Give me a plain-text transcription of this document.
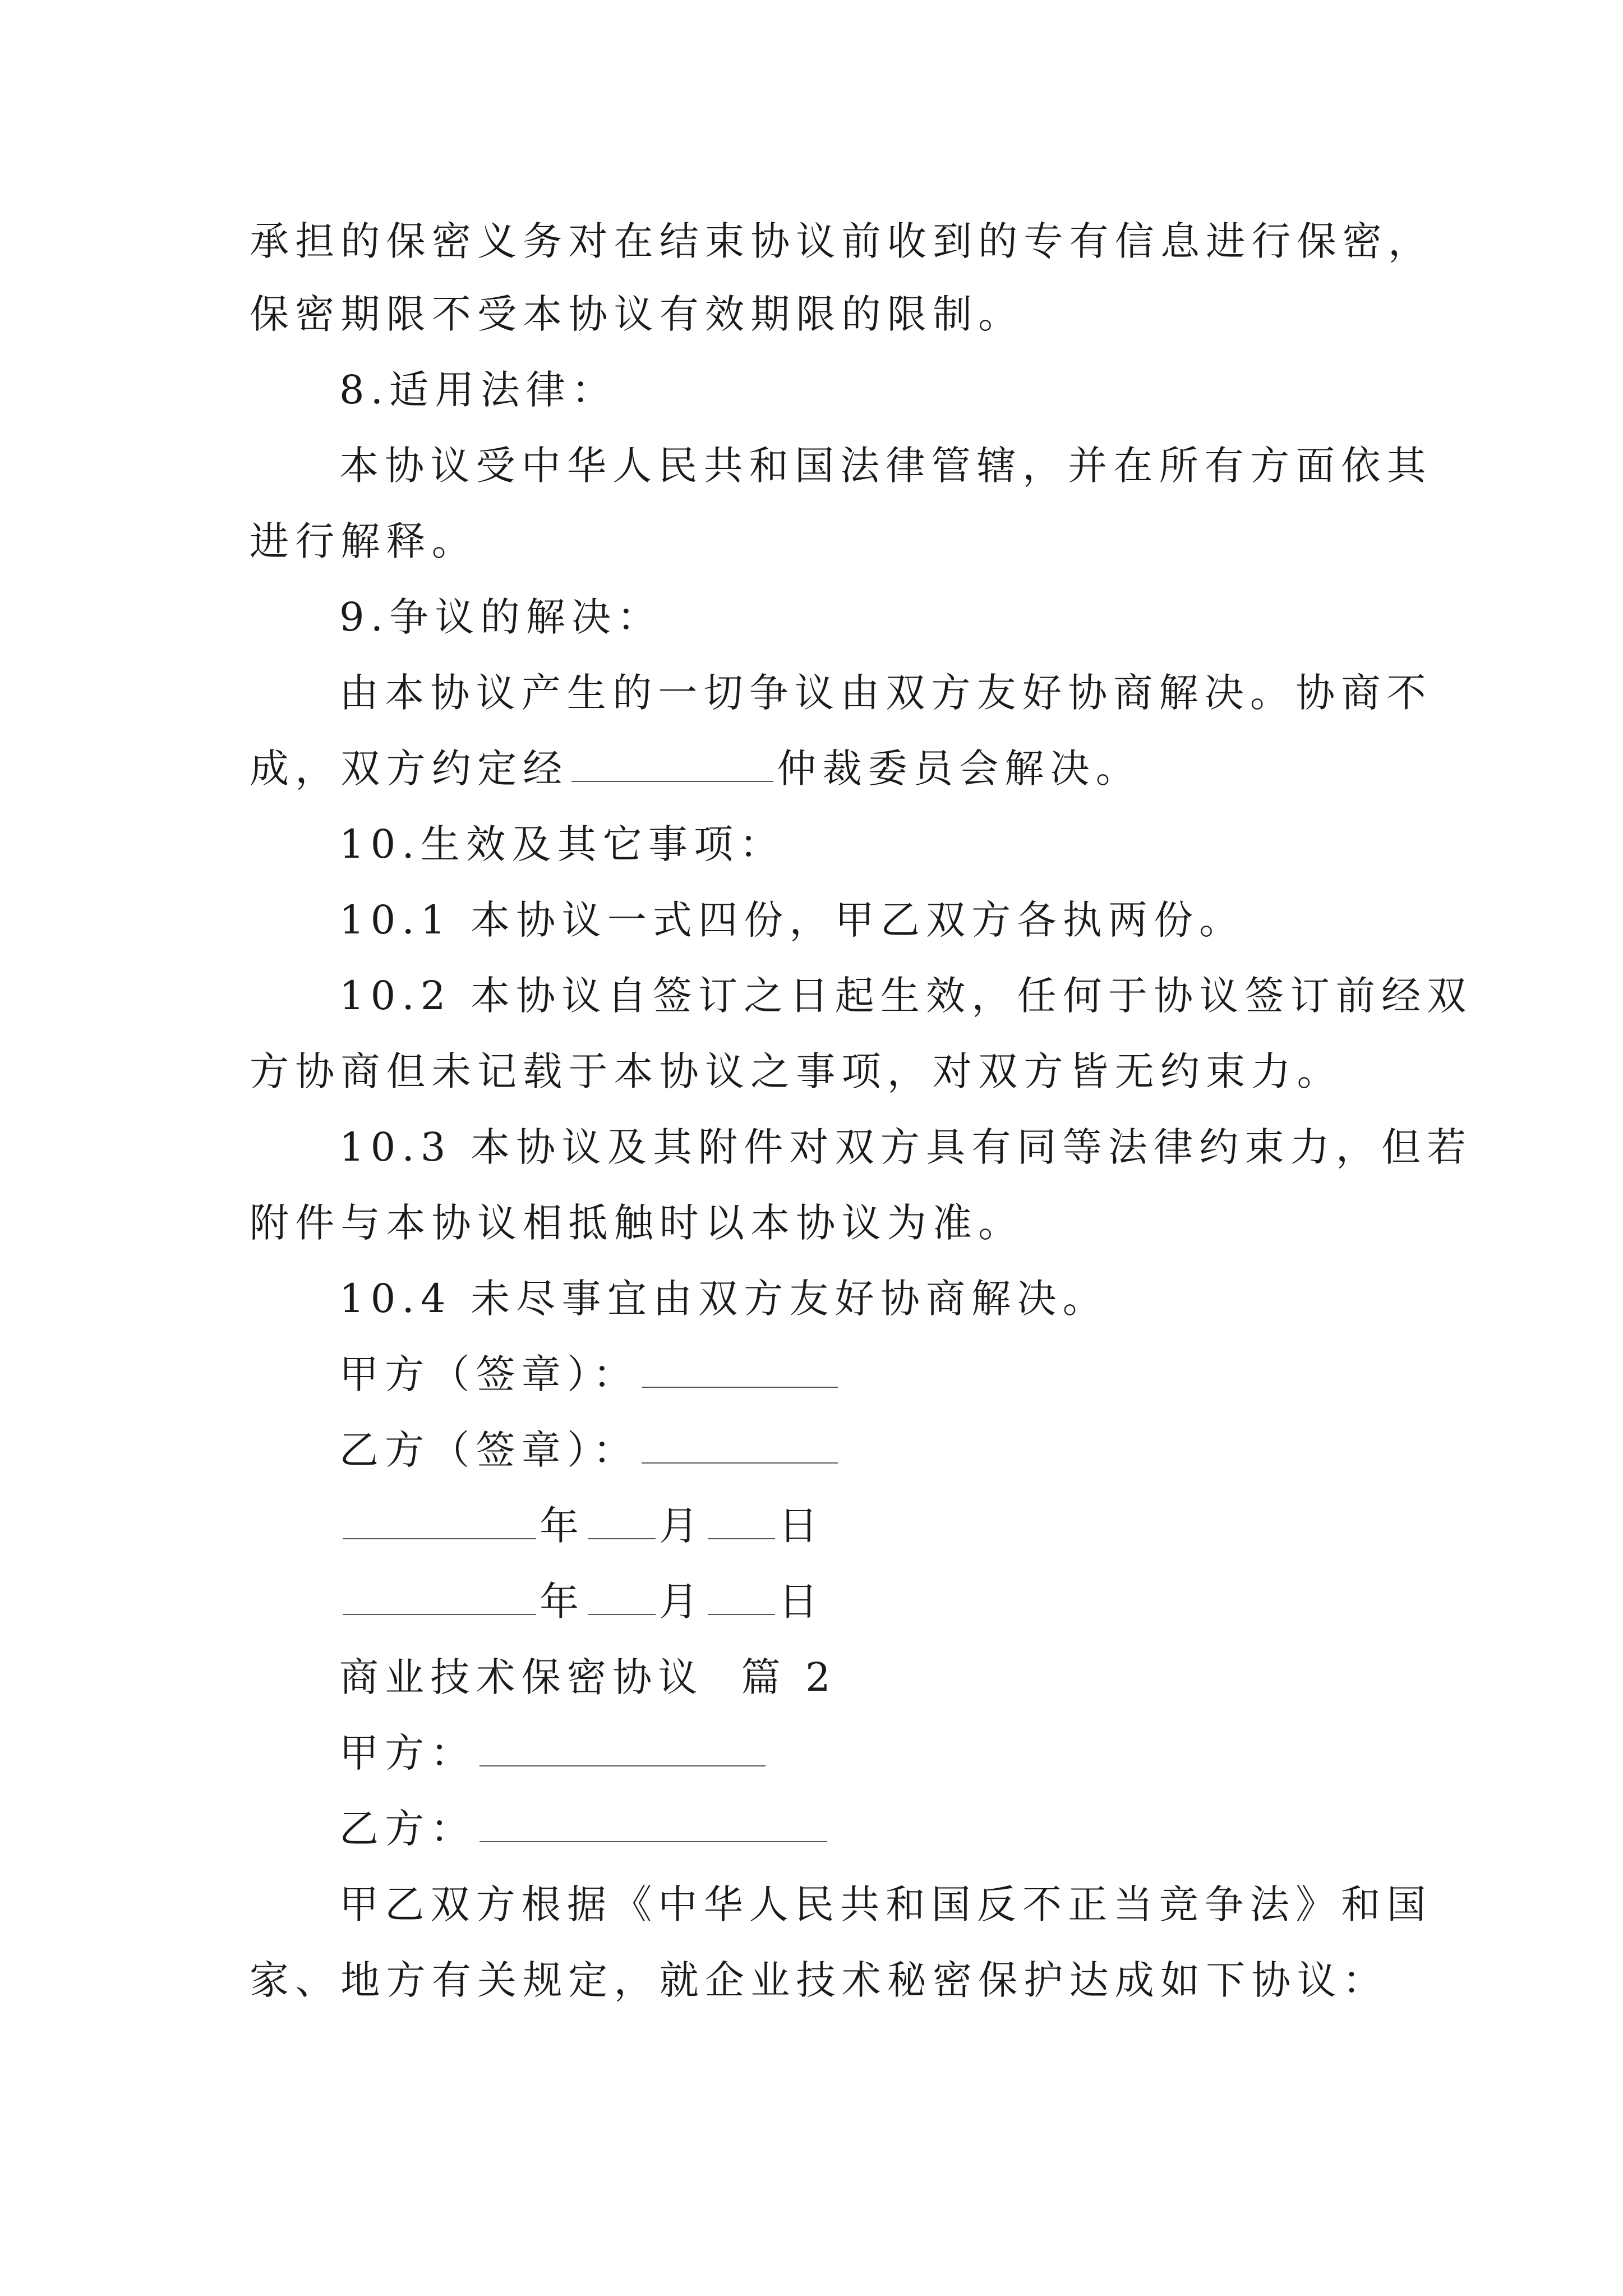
承担的保密义务对在结束协议前收到的专有信息进行保密，
保密期限不受本协议有效期限的限制。
8.适用法律：
本协议受中华人民共和国法律管辖，并在所有方面依其
进行解释。
9.争议的解决：
由本协议产生的一切争议由双方友好协商解决。协商不
成，双方约定经	仲裁委员会解决。
10.生效及其它事项：
10.1 本协议一式四份，甲乙双方各执两份。
10.2 本协议自签订之日起生效，任何于协议签订前经双
方协商但未记载于本协议之事项，对双方皆无约束力。
10.3 本协议及其附件对双方具有同等法律约束力，但若
附件与本协议相抵触时以本协议为准。
10.4 未尽事宜由双方友好协商解决。
甲方（签章）：
乙方（签章）：
年 月 日
年 月 日
商业技术保密协议  篇 2
甲方：
乙方：
甲乙双方根据《中华人民共和国反不正当竞争法》和国
家、地方有关规定，就企业技术秘密保护达成如下协议：
